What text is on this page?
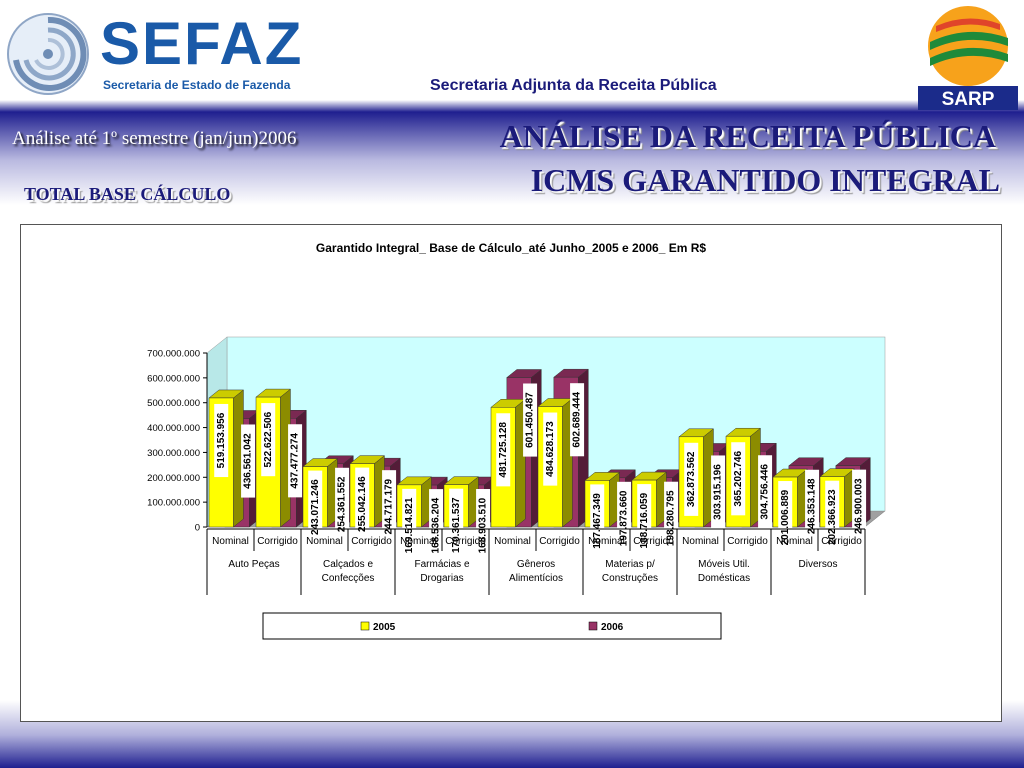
SEFAZ
Secretaria de Estado de Fazenda	Secretaria Adjunta da Receita Pública
SARP
Análise até 1º semestre (jan/jun)2006
TOTAL BASE CÁLCULO
ANÁLISE DA RECEITA PÚBLICA
ICMS GARANTIDO INTEGRAL
Garantido Integral_ Base de Cálculo_até Junho_2005 e 2006_ Em R$
0
100.000.000
200.000.000
300.000.000
400.000.000
500.000.000
600.000.000
700.000.000
519.153.956 436.561.042 522.622.506 437.477.274
243.071.246 254.361.552 255.042.146 244.717.179 169.514.821 168.536.204 170.361.537 168.903.510
481.725.128
601.450.487
484.628.173
602.689.444
187.467.349 197.873.660 188.716.059 198.280.795
362.873.562 303.915.196 365.202.746 304.756.446 201.006.889 246.353.148 202.366.923 246.900.003
Nominal Corrigido Nominal Corrigido Nominal Corrigido Nominal Corrigido Nominal Corrigido Nominal Corrigido Nominal Corrigido
Auto Peças	Calçados e
Confecções
Farmácias e
Drogarias
Gêneros
Alimentícios
Materias p/
Construções
Móveis Util.
Domésticas
Diversos
2005	2006
